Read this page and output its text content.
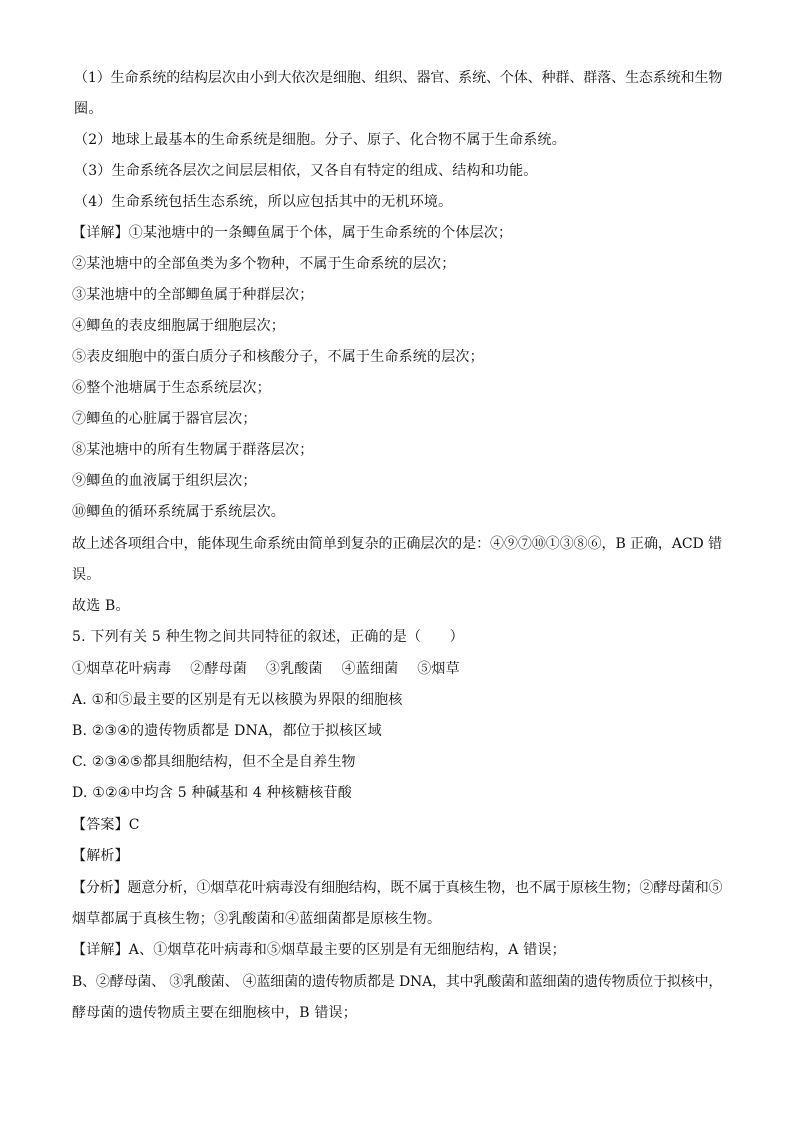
（1）生命系统的结构层次由小到大依次是细胞、组织、器官、系统、个体、种群、群落、生态系统和生物
圈。
（2）地球上最基本的生命系统是细胞。分子、原子、化合物不属于生命系统。
（3）生命系统各层次之间层层相依，又各自有特定的组成、结构和功能。
（4）生命系统包括生态系统，所以应包括其中的无机环境。
【详解】①某池塘中的一条鲫鱼属于个体，属于生命系统的个体层次；
②某池塘中的全部鱼类为多个物种，不属于生命系统的层次；
③某池塘中的全部鲫鱼属于种群层次；
④鲫鱼的表皮细胞属于细胞层次；
⑤表皮细胞中的蛋白质分子和核酸分子，不属于生命系统的层次；
⑥整个池塘属于生态系统层次；
⑦鲫鱼的心脏属于器官层次；
⑧某池塘中的所有生物属于群落层次；
⑨鲫鱼的血液属于组织层次；
⑩鲫鱼的循环系统属于系统层次。
故上述各项组合中，能体现生命系统由简单到复杂的正确层次的是：④⑨⑦⑩①③⑧⑥，B 正确，ACD 错
误。
故选 B。
5. 下列有关 5 种生物之间共同特征的叙述，正确的是（　　）
①烟草花叶病毒　 ②酵母菌　 ③乳酸菌　 ④蓝细菌　 ⑤烟草
A. ①和⑤最主要的区别是有无以核膜为界限的细胞核
B. ②③④的遗传物质都是 DNA，都位于拟核区域
C. ②③④⑤都具细胞结构，但不全是自养生物
D. ①②④中均含 5 种碱基和 4 种核糖核苷酸
【答案】C
【解析】
【分析】题意分析，①烟草花叶病毒没有细胞结构，既不属于真核生物，也不属于原核生物；②酵母菌和⑤
烟草都属于真核生物；③乳酸菌和④蓝细菌都是原核生物。
【详解】A、①烟草花叶病毒和⑤烟草最主要的区别是有无细胞结构，A 错误；
B、②酵母菌、 ③乳酸菌、 ④蓝细菌的遗传物质都是 DNA，其中乳酸菌和蓝细菌的遗传物质位于拟核中，
酵母菌的遗传物质主要在细胞核中，B 错误；
